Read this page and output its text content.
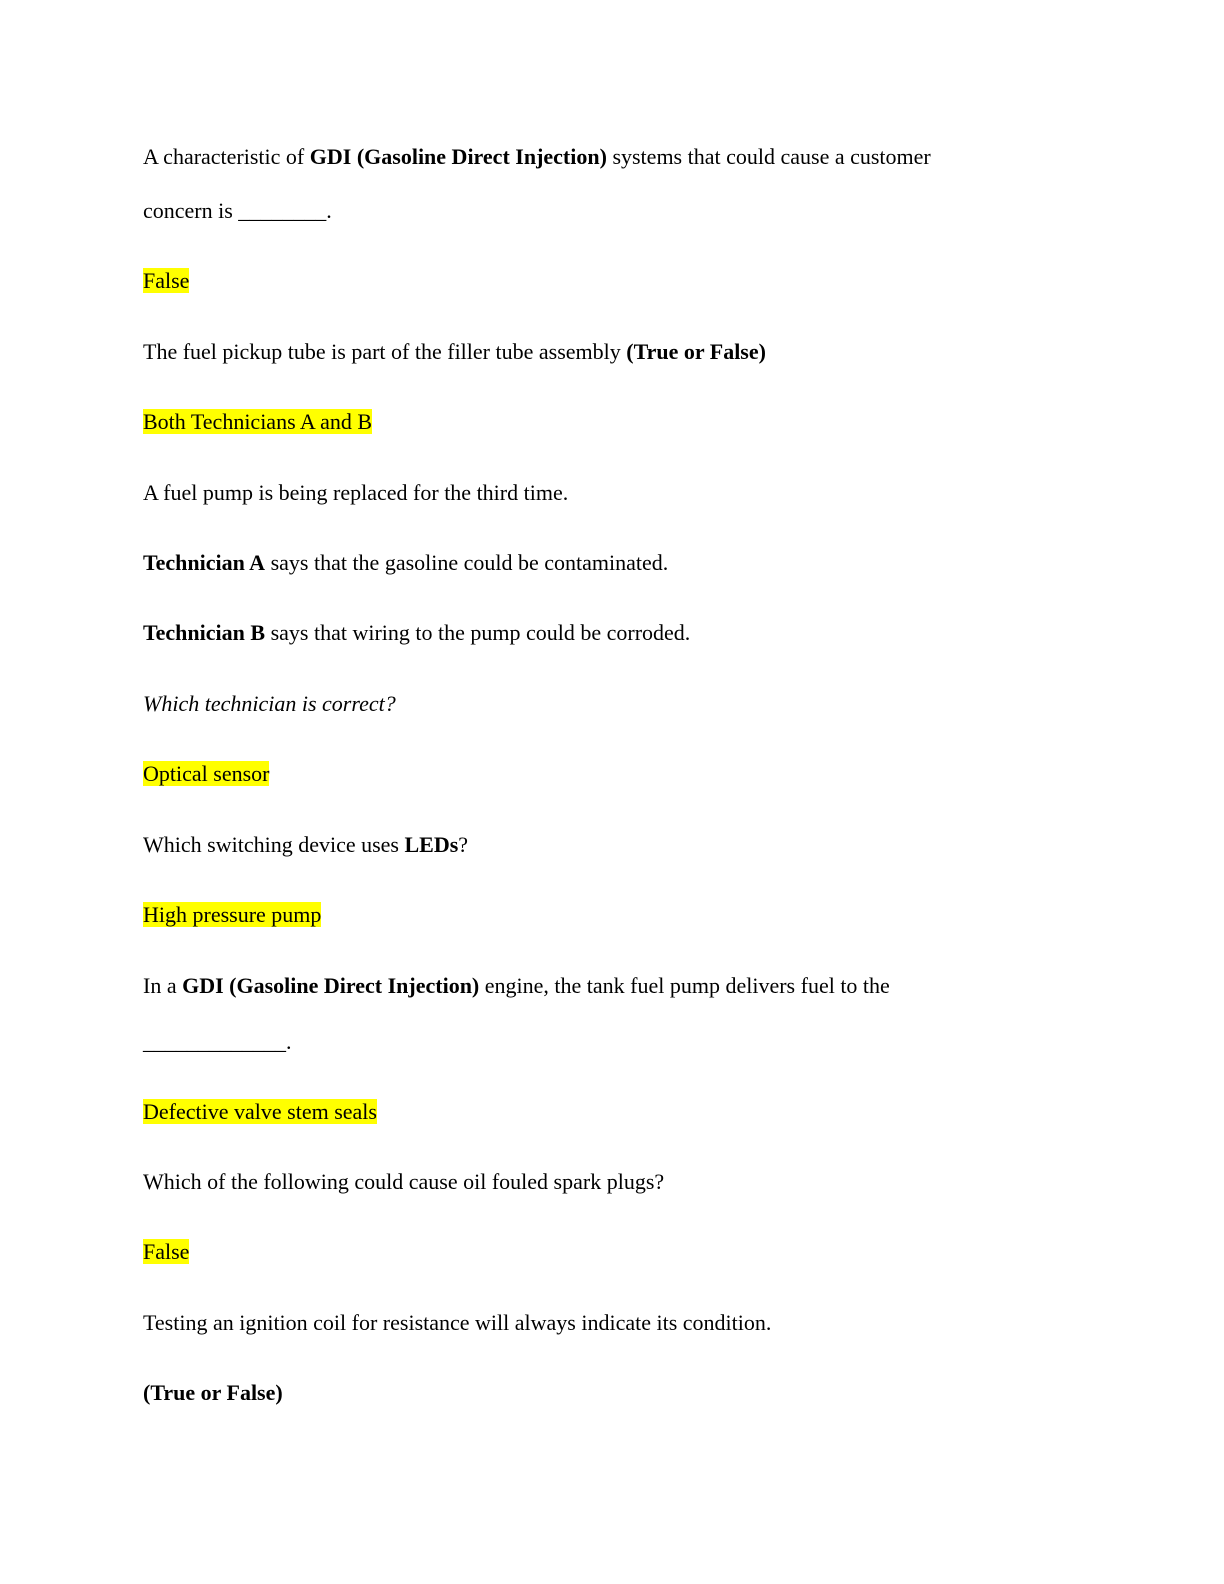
A characteristic of GDI (Gasoline Direct Injection) systems that could cause a customer

concern is ________.

False

The fuel pickup tube is part of the filler tube assembly (True or False)

Both Technicians A and B

A fuel pump is being replaced for the third time.

Technician A says that the gasoline could be contaminated.

Technician B says that wiring to the pump could be corroded.

Which technician is correct?

Optical sensor

Which switching device uses LEDs?

High pressure pump

In a GDI (Gasoline Direct Injection) engine, the tank fuel pump delivers fuel to the

_____________.

Defective valve stem seals

Which of the following could cause oil fouled spark plugs?

False

Testing an ignition coil for resistance will always indicate its condition.

(True or False)
